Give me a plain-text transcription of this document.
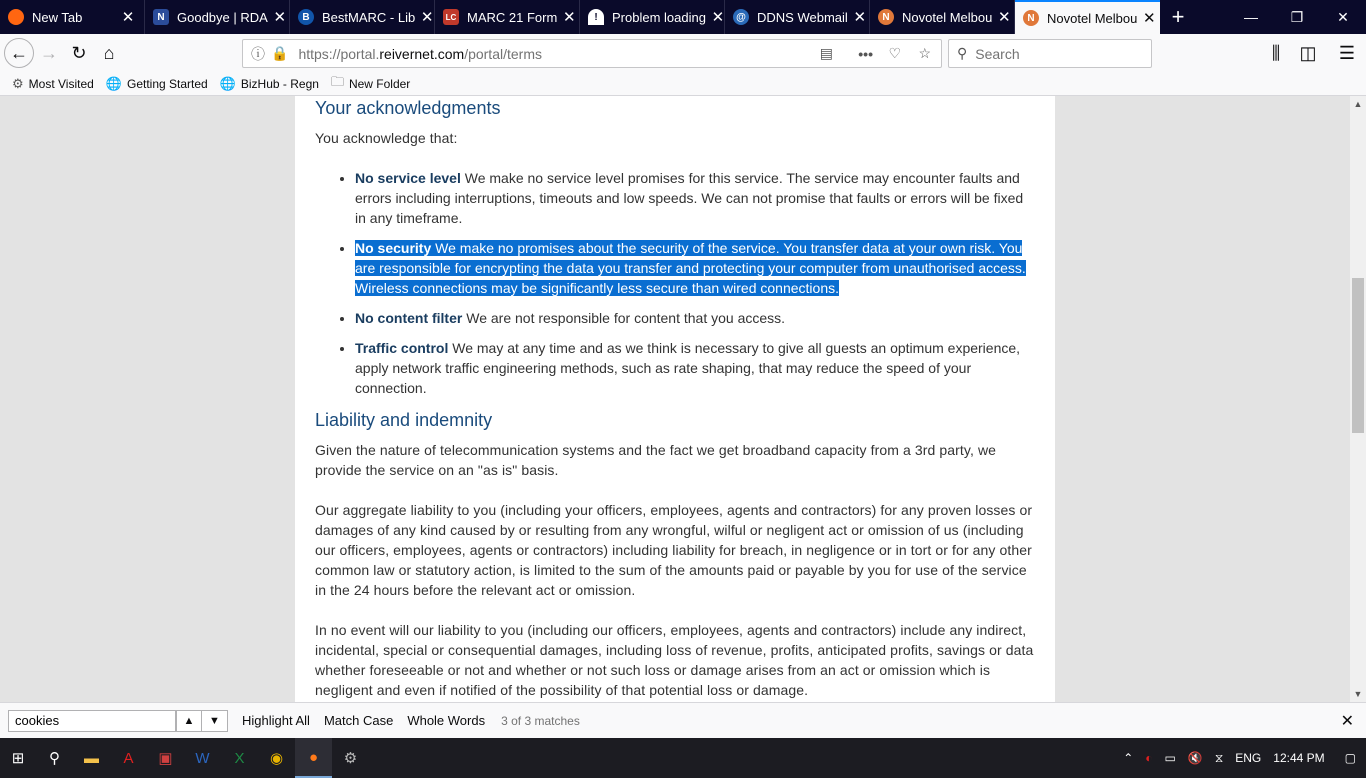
New Tab	✕	N Goodbye | RDA ✕	B BestMARC - Lib ✕	LC MARC 21 Form ✕	!	Problem loading ✕	@ DDNS Webmail ✕	N Novotel Melbou ✕	N Novotel Melbou ✕ +	—	❐	✕
← → ↻ ⌂	ⓘ 🔒 https://portal. reivernet.com /portal/terms	▤ ••• ♡ ☆ ⚲ Search	⫼	◫	☰
⚙ Most Visited 🌐 Getting Started 🌐 BizHub - Regn 🗀 New Folder
Your acknowledgments

You acknowledge that:

• No service level We make no service level promises for this service. The service may encounter faults and errors including interruptions, timeouts and low speeds. We can not promise that faults or errors will be fixed in any timeframe.
• No security We make no promises about the security of the service. You transfer data at your own risk. You are responsible for encrypting the data you transfer and protecting your computer from unauthorised access. Wireless connections may be significantly less secure than wired connections.
• No content filter We are not responsible for content that you access.
• Traffic control We may at any time and as we think is necessary to give all guests an optimum experience, apply network traffic engineering methods, such as rate shaping, that may reduce the speed of your connection.
Liability and indemnity

Given the nature of telecommunication systems and the fact we get broadband capacity from a 3rd party, we provide the service on an "as is" basis.

Our aggregate liability to you (including your officers, employees, agents and contractors) for any proven losses or damages of any kind caused by or resulting from any wrongful, wilful or negligent act or omission of us (including our officers, employees, agents or contractors) including liability for breach, in negligence or in tort or for any other common law or statutory action, is limited to the sum of the amounts paid or payable by you for use of the service in the 24 hours before the relevant act or omission.

In no event will our liability to you (including our officers, employees, agents and contractors) include any indirect, incidental, special or consequential damages, including loss of revenue, profits, anticipated profits, savings or data whether foreseeable or not and whether or not such loss or damage arises from an act or omission which is negligent and even if notified of the possibility of that potential loss or damage.

▲
▼
cookies
▲	▼	Highlight All Match Case Whole Words 3 of 3 matches	✕
⊞	⚲	▬	A	▣	W	X	◉	●	⚙	⌃ ◐ ▭ 🔇 ⧖ ENG 12:44 PM ▢
